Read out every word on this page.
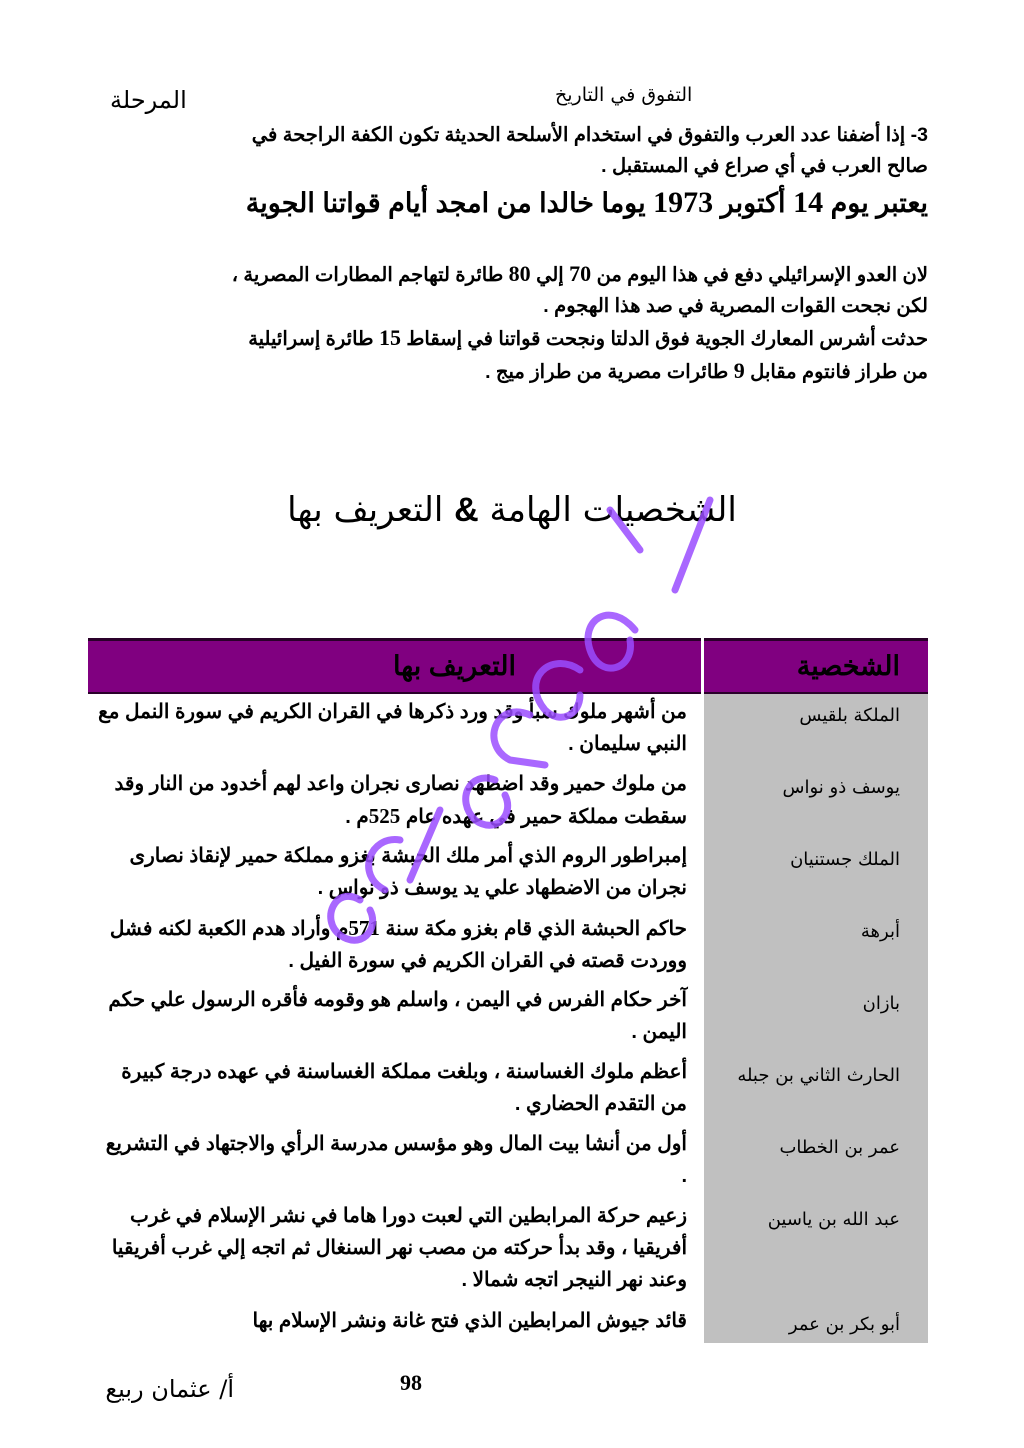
المرحلة	التفوق في التاريخ

3- إذا أضفنا عدد العرب والتفوق في استخدام الأسلحة الحديثة تكون الكفة الراجحة في
صالح العرب في أي صراع في المستقبل .

يعتبر يوم 14 أكتوبر 1973 يوما خالدا من امجد أيام قواتنا الجوية

لان العدو الإسرائيلي دفع في هذا اليوم من 70 إلي 80 طائرة لتهاجم المطارات المصرية ،
لكن نجحت القوات المصرية في صد هذا الهجوم .
حدثت أشرس المعارك الجوية فوق الدلتا ونجحت قواتنا في إسقاط 15 طائرة إسرائيلية
من طراز فانتوم مقابل 9 طائرات مصرية من طراز ميج .

الشخصيات الهامة & التعريف بها
الشخصية	التعريف بها
الملكة بلقيس	من أشهر ملوك سبأ وقد ورد ذكرها في القران الكريم في سورة النمل مع النبي سليمان .
يوسف ذو نواس	من ملوك حمير وقد اضطهد نصارى نجران واعد لهم أخدود من النار وقد سقطت مملكة حمير في عهده عام 525م .
الملك جستنيان	إمبراطور الروم الذي أمر ملك الحبشة بغزو مملكة حمير لإنقاذ نصارى نجران من الاضطهاد علي يد يوسف ذو نواس .
أبرهة	حاكم الحبشة الذي قام بغزو مكة سنة 571م وأراد هدم الكعبة لكنه فشل ووردت قصته في القران الكريم في سورة الفيل .
بازان	آخر حكام الفرس في اليمن ، واسلم هو وقومه فأقره الرسول علي حكم اليمن .
الحارث الثاني بن جبله	أعظم ملوك الغساسنة ، وبلغت مملكة الغساسنة في عهده درجة كبيرة من التقدم الحضاري .
عمر بن الخطاب	أول من أنشا بيت المال وهو مؤسس مدرسة الرأي والاجتهاد في التشريع .
عبد الله بن ياسين	زعيم حركة المرابطين التي لعبت دورا هاما في نشر الإسلام في غرب أفريقيا ، وقد بدأ حركته من مصب نهر السنغال ثم اتجه إلي غرب أفريقيا وعند نهر النيجر اتجه شمالا .
أبو بكر بن عمر	قائد جيوش المرابطين الذي فتح غانة ونشر الإسلام بها
أ/ عثمان ربيع	98
